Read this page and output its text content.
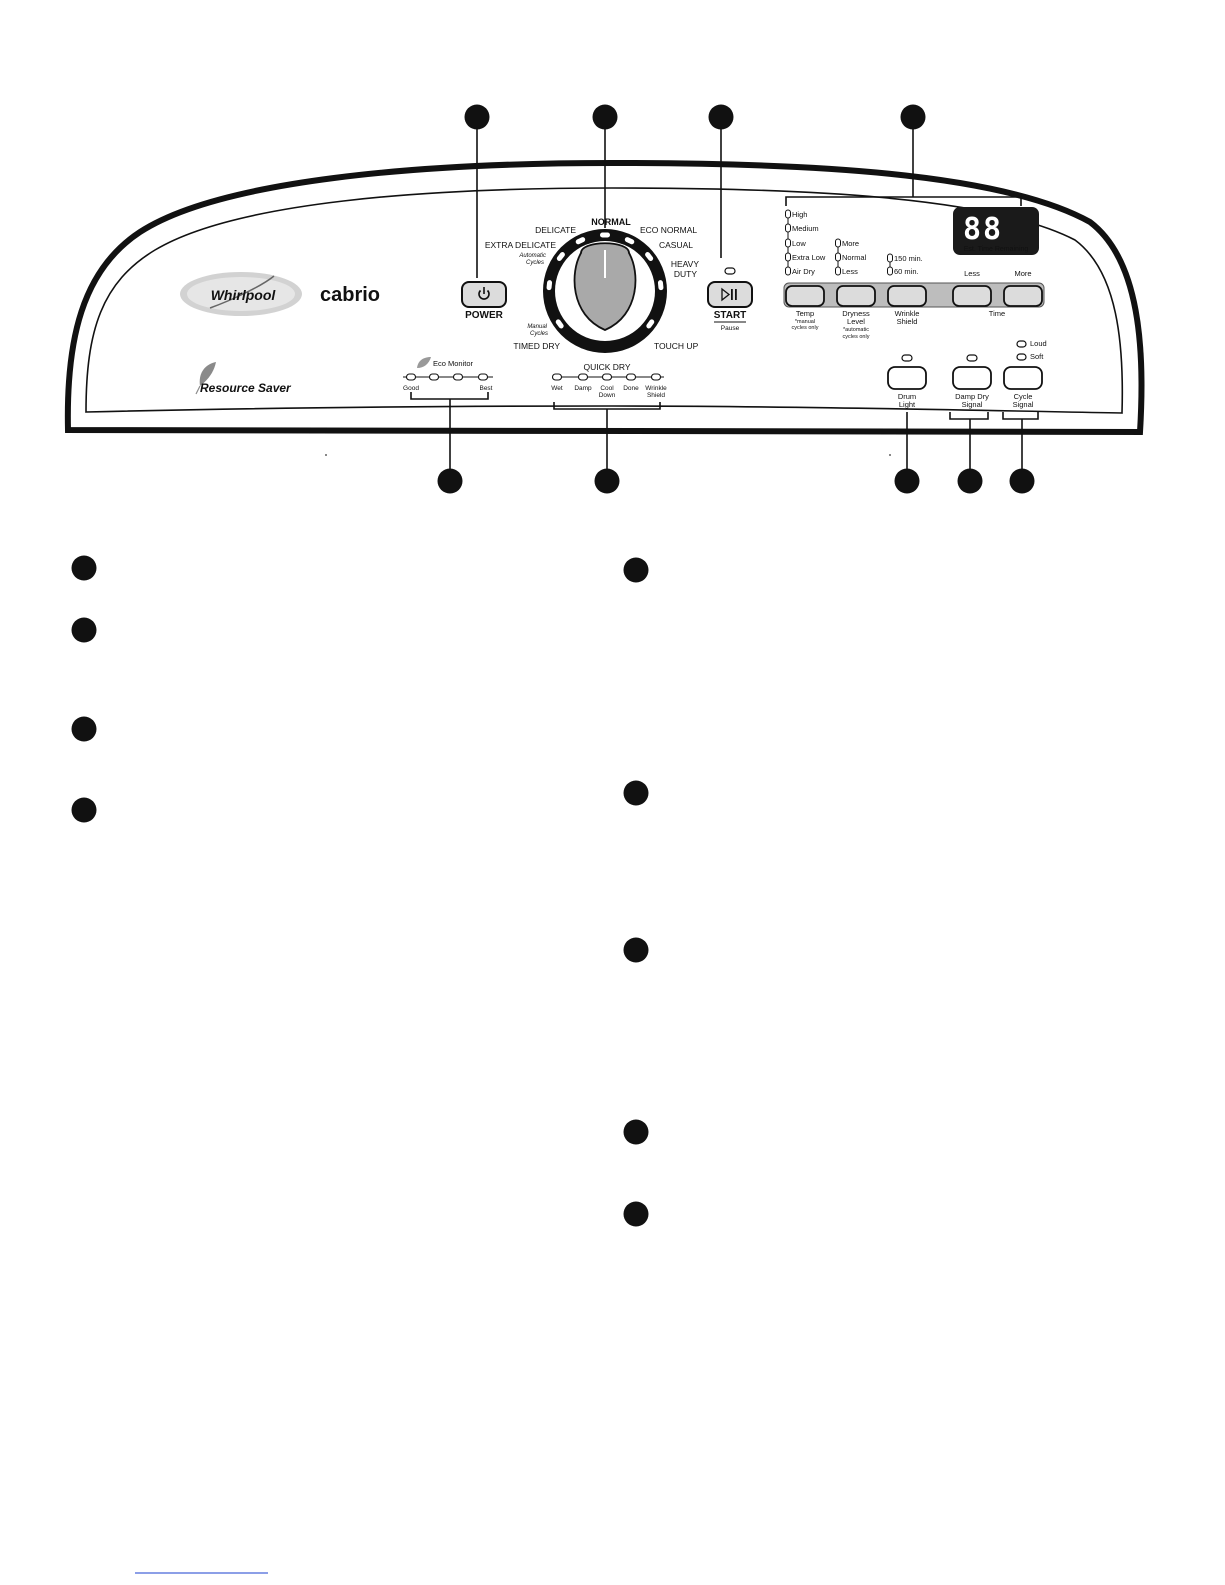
Whirlpool cabrio
Resource Saver
POWER
NORMAL
DELICATE
EXTRA DELICATE
Automatic
Cycles
ECO NORMAL
CASUAL
HEAVY
DUTY
Manual
Cycles
TIMED DRY	TOUCH UP
QUICK DRY
START
Pause
Eco Monitor
Good	Best	Wet Damp Cool
Down
Done Wrinkle
Shield
High
Medium
Low
Extra Low
Air Dry
Temp
*manual
cycles only
More
Normal
Less
Dryness
Level
*automatic
cycles only
150 min.
60 min.
Wrinkle
Shield
Less	More
Time
88
Est. Time Remaining
Drum
Light
Damp Dry
Signal
Loud
Soft
Cycle
Signal
